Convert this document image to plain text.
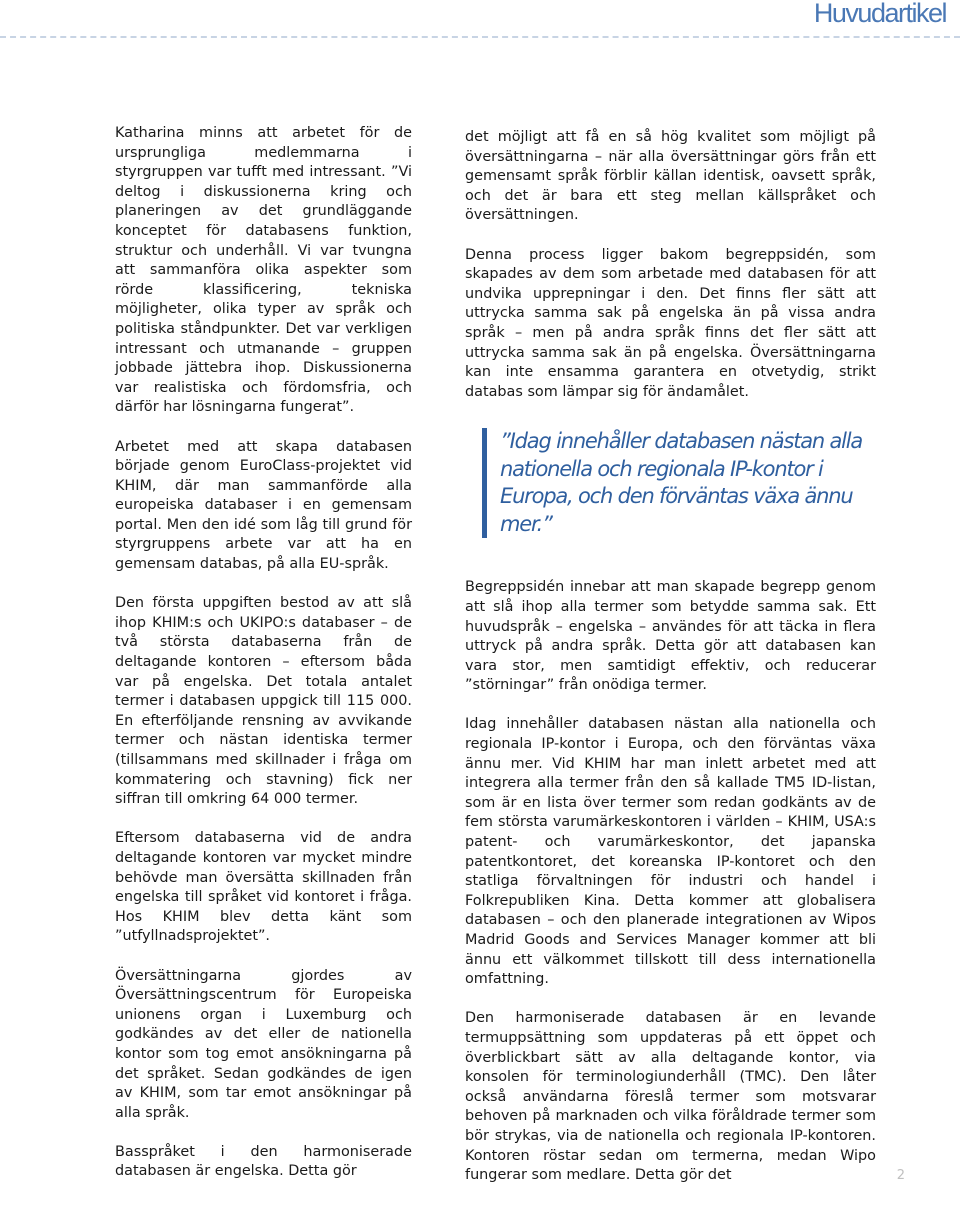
Huvudartikel

Katharina minns att arbetet för de ursprungliga medlemmarna i styrgruppen var tufft med intressant. ”Vi deltog i diskussionerna kring och planeringen av det grundläggande konceptet för databasens funktion, struktur och underhåll. Vi var tvungna att sammanföra olika aspekter som rörde klassificering, tekniska möjligheter, olika typer av språk och politiska ståndpunkter. Det var verkligen intressant och utmanande – gruppen jobbade jättebra ihop. Diskussionerna var realistiska och fördomsfria, och därför har lösningarna fungerat”.

Arbetet med att skapa databasen började genom EuroClass-projektet vid KHIM, där man sammanförde alla europeiska databaser i en gemensam portal. Men den idé som låg till grund för styrgruppens arbete var att ha en gemensam databas, på alla EU-språk.

Den första uppgiften bestod av att slå ihop KHIM:s och UKIPO:s databaser – de två största databaserna från de deltagande kontoren – eftersom båda var på engelska. Det totala antalet termer i databasen uppgick till 115 000. En efterföljande rensning av avvikande termer och nästan identiska termer (tillsammans med skillnader i fråga om kommatering och stavning) fick ner siffran till omkring 64 000 termer.

Eftersom databaserna vid de andra deltagande kontoren var mycket mindre behövde man översätta skillnaden från engelska till språket vid kontoret i fråga. Hos KHIM blev detta känt som ”utfyllnadsprojektet”.

Översättningarna gjordes av Översättningscentrum för Europeiska unionens organ i Luxemburg och godkändes av det eller de nationella kontor som tog emot ansökningarna på det språket. Sedan godkändes de igen av KHIM, som tar emot ansökningar på alla språk.

Basspråket i den harmoniserade databasen är engelska. Detta gör

det möjligt att få en så hög kvalitet som möjligt på översättningarna – när alla översättningar görs från ett gemensamt språk förblir källan identisk, oavsett språk, och det är bara ett steg mellan källspråket och översättningen.

Denna process ligger bakom begreppsidén, som skapades av dem som arbetade med databasen för att undvika upprepningar i den. Det finns fler sätt att uttrycka samma sak på engelska än på vissa andra språk – men på andra språk finns det fler sätt att uttrycka samma sak än på engelska. Översättningarna kan inte ensamma garantera en otvetydig, strikt databas som lämpar sig för ändamålet.

”Idag innehåller databasen nästan alla nationella och regionala IP-kontor i Europa, och den förväntas växa ännu mer.”

Begreppsidén innebar att man skapade begrepp genom att slå ihop alla termer som betydde samma sak. Ett huvudspråk – engelska – användes för att täcka in flera uttryck på andra språk. Detta gör att databasen kan vara stor, men samtidigt effektiv, och reducerar ”störningar” från onödiga termer.

Idag innehåller databasen nästan alla nationella och regionala IP-kontor i Europa, och den förväntas växa ännu mer. Vid KHIM har man inlett arbetet med att integrera alla termer från den så kallade TM5 ID-listan, som är en lista över termer som redan godkänts av de fem största varumärkeskontoren i världen – KHIM, USA:s patent- och varumärkeskontor, det japanska patentkontoret, det koreanska IP-kontoret och den statliga förvaltningen för industri och handel i Folkrepubliken Kina. Detta kommer att globalisera databasen – och den planerade integrationen av Wipos Madrid Goods and Services Manager kommer att bli ännu ett välkommet tillskott till dess internationella omfattning.

Den harmoniserade databasen är en levande termuppsättning som uppdateras på ett öppet och överblickbart sätt av alla deltagande kontor, via konsolen för terminologiunderhåll (TMC). Den låter också användarna föreslå termer som motsvarar behoven på marknaden och vilka föråldrade termer som bör strykas, via de nationella och regionala IP-kontoren. Kontoren röstar sedan om termerna, medan Wipo fungerar som medlare. Detta gör det	2
